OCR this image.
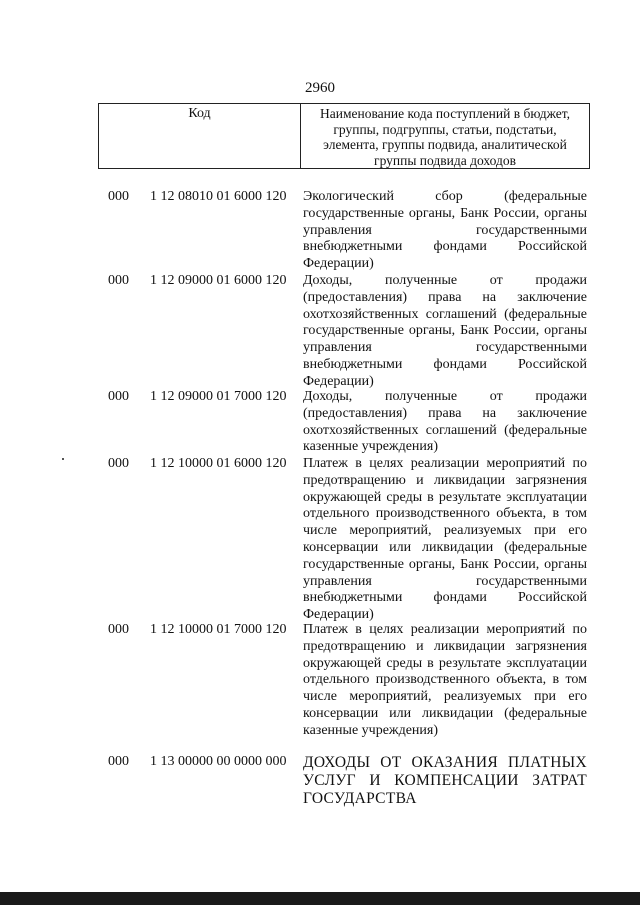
2960
Код	Наименование кода поступлений в бюджет, группы, подгруппы, статьи, подстатьи, элемента, группы подвида, аналитической группы подвида доходов
000	1 12 08010 01 6000 120	Экологический сбор (федеральные государственные органы, Банк России, органы управления государственными внебюджетными фондами Российской Федерации)
000	1 12 09000 01 6000 120	Доходы, полученные от продажи (предоставления) права на заключение охотхозяйственных соглашений (федеральные государственные органы, Банк России, органы управления государственными внебюджетными фондами Российской Федерации)
000	1 12 09000 01 7000 120	Доходы, полученные от продажи (предоставления) права на заключение охотхозяйственных соглашений (федеральные казенные учреждения)
000	1 12 10000 01 6000 120	Платеж в целях реализации мероприятий по предотвращению и ликвидации загрязнения окружающей среды в результате эксплуатации отдельного производственного объекта, в том числе мероприятий, реализуемых при его консервации или ликвидации (федеральные государственные органы, Банк России, органы управления государственными внебюджетными фондами Российской Федерации)
000	1 12 10000 01 7000 120	Платеж в целях реализации мероприятий по предотвращению и ликвидации загрязнения окружающей среды в результате эксплуатации отдельного производственного объекта, в том числе мероприятий, реализуемых при его консервации или ликвидации (федеральные казенные учреждения)
000	1 13 00000 00 0000 000	ДОХОДЫ ОТ ОКАЗАНИЯ ПЛАТНЫХ УСЛУГ И КОМПЕНСАЦИИ ЗАТРАТ ГОСУДАРСТВА
